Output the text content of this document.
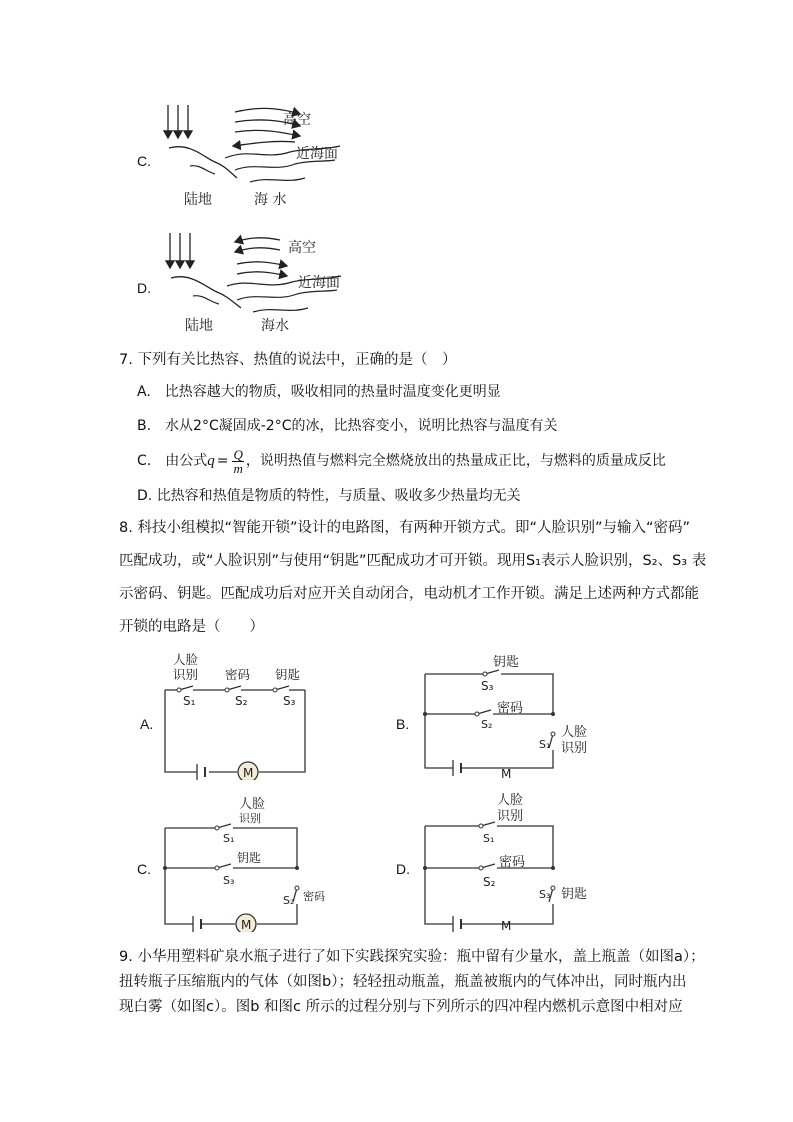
C.
高空
近海面
陆地	海 水
D.
高空
近海面
陆地	海水
7. 下列有关比热容、热值的说法中，正确的是（　）
A.　比热容越大的物质，吸收相同的热量时温度变化更明显
B.　水从2°C凝固成-2°C的冰，比热容变小，说明比热容与温度有关
C.　由公式 $q = \frac{Q}{m}$ ，说明热值与燃料完全燃烧放出的热量成正比，与燃料的质量成反比
D. 比热容和热值是物质的特性，与质量、吸收多少热量均无关
8. 科技小组模拟“智能开锁”设计的电路图，有两种开锁方式。即“人脸识别”与输入“密码”
匹配成功，或“人脸识别”与使用“钥匙”匹配成功才可开锁。现用S₁表示人脸识别，S₂、S₃ 表
示密码、钥匙。匹配成功后对应开关自动闭合，电动机才工作开锁。满足上述两种方式都能
开锁的电路是（　　）
A.
M
人脸
识别 密码 钥匙
S₁	S₂	S₃
B.
钥匙
S₃
密码
S₂
人脸
识别
S₁
M
C.
M
人脸
识别
S₁
钥匙
S₃
S₂ 密码
D.
人脸
识别
S₁
密码
S₂
S₃ 钥匙
M
9. 小华用塑料矿泉水瓶子进行了如下实践探究实验：瓶中留有少量水，盖上瓶盖（如图a）；
扭转瓶子压缩瓶内的气体（如图b）；轻轻扭动瓶盖，瓶盖被瓶内的气体冲出，同时瓶内出
现白雾（如图c）。图b 和图c 所示的过程分别与下列所示的四冲程内燃机示意图中相对应
